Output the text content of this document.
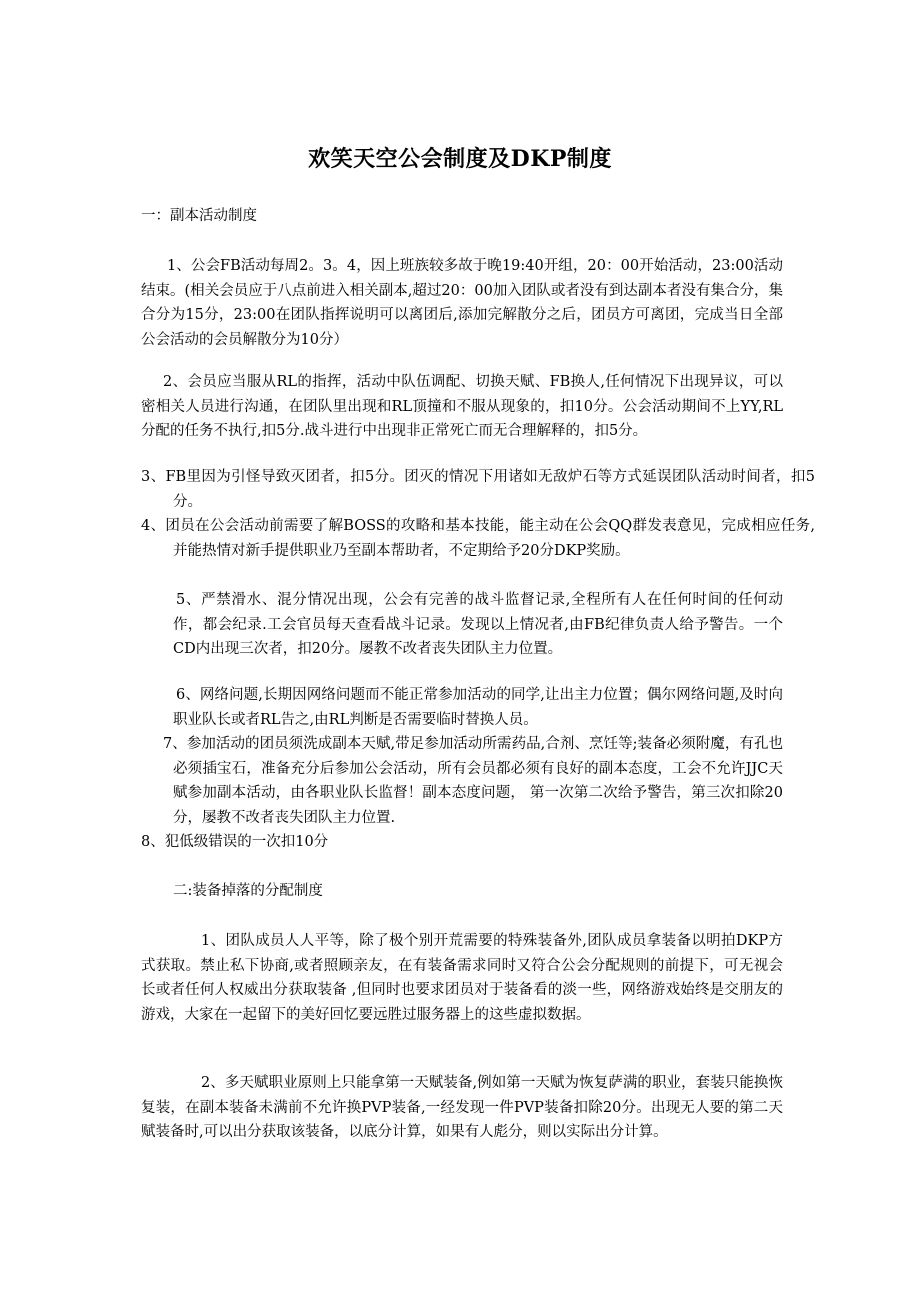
欢笑天空公会制度及DKP制度
一：副本活动制度

1、公会FB活动每周2。3。4，因上班族较多故于晚19:40开组，20：00开始活动，23:00活动结束。(相关会员应于八点前进入相关副本,超过20：00加入团队或者没有到达副本者没有集合分，集合分为15分，23:00在团队指挥说明可以离团后,添加完解散分之后，团员方可离团，完成当日全部公会活动的会员解散分为10分）

2、会员应当服从RL的指挥，活动中队伍调配、切换天赋、FB换人,任何情况下出现异议，可以密相关人员进行沟通，在团队里出现和RL顶撞和不服从现象的，扣10分。公会活动期间不上YY,RL分配的任务不执行,扣5分.战斗进行中出现非正常死亡而无合理解释的，扣5分。

3、FB里因为引怪导致灭团者，扣5分。团灭的情况下用诸如无敌炉石等方式延误团队活动时间者，扣5分。

4、团员在公会活动前需要了解BOSS的攻略和基本技能，能主动在公会QQ群发表意见，完成相应任务,并能热情对新手提供职业乃至副本帮助者，不定期给予20分DKP奖励。

5、严禁滑水、混分情况出现，公会有完善的战斗监督记录,全程所有人在任何时间的任何动作，都会纪录.工会官员每天查看战斗记录。发现以上情况者,由FB纪律负责人给予警告。一个CD内出现三次者，扣20分。屡教不改者丧失团队主力位置。

6、网络问题,长期因网络问题而不能正常参加活动的同学,让出主力位置；偶尔网络问题,及时向职业队长或者RL告之,由RL判断是否需要临时替换人员。

7、参加活动的团员须洗成副本天赋,带足参加活动所需药品,合剂、烹饪等;装备必须附魔，有孔也必须插宝石，准备充分后参加公会活动，所有会员都必须有良好的副本态度，工会不允许JJC天赋参加副本活动，由各职业队长监督！副本态度问题， 第一次第二次给予警告，第三次扣除20分，屡教不改者丧失团队主力位置.

8、犯低级错误的一次扣10分

二:装备掉落的分配制度

1、团队成员人人平等，除了极个别开荒需要的特殊装备外,团队成员拿装备以明拍DKP方式获取。禁止私下协商,或者照顾亲友，在有装备需求同时又符合公会分配规则的前提下，可无视会长或者任何人权威出分获取装备 ,但同时也要求团员对于装备看的淡一些，网络游戏始终是交朋友的游戏，大家在一起留下的美好回忆要远胜过服务器上的这些虚拟数据。

2、多天赋职业原则上只能拿第一天赋装备,例如第一天赋为恢复萨满的职业，套装只能换恢复装，在副本装备未满前不允许换PVP装备,一经发现一件PVP装备扣除20分。出现无人要的第二天赋装备时,可以出分获取该装备，以底分计算，如果有人彪分，则以实际出分计算。
